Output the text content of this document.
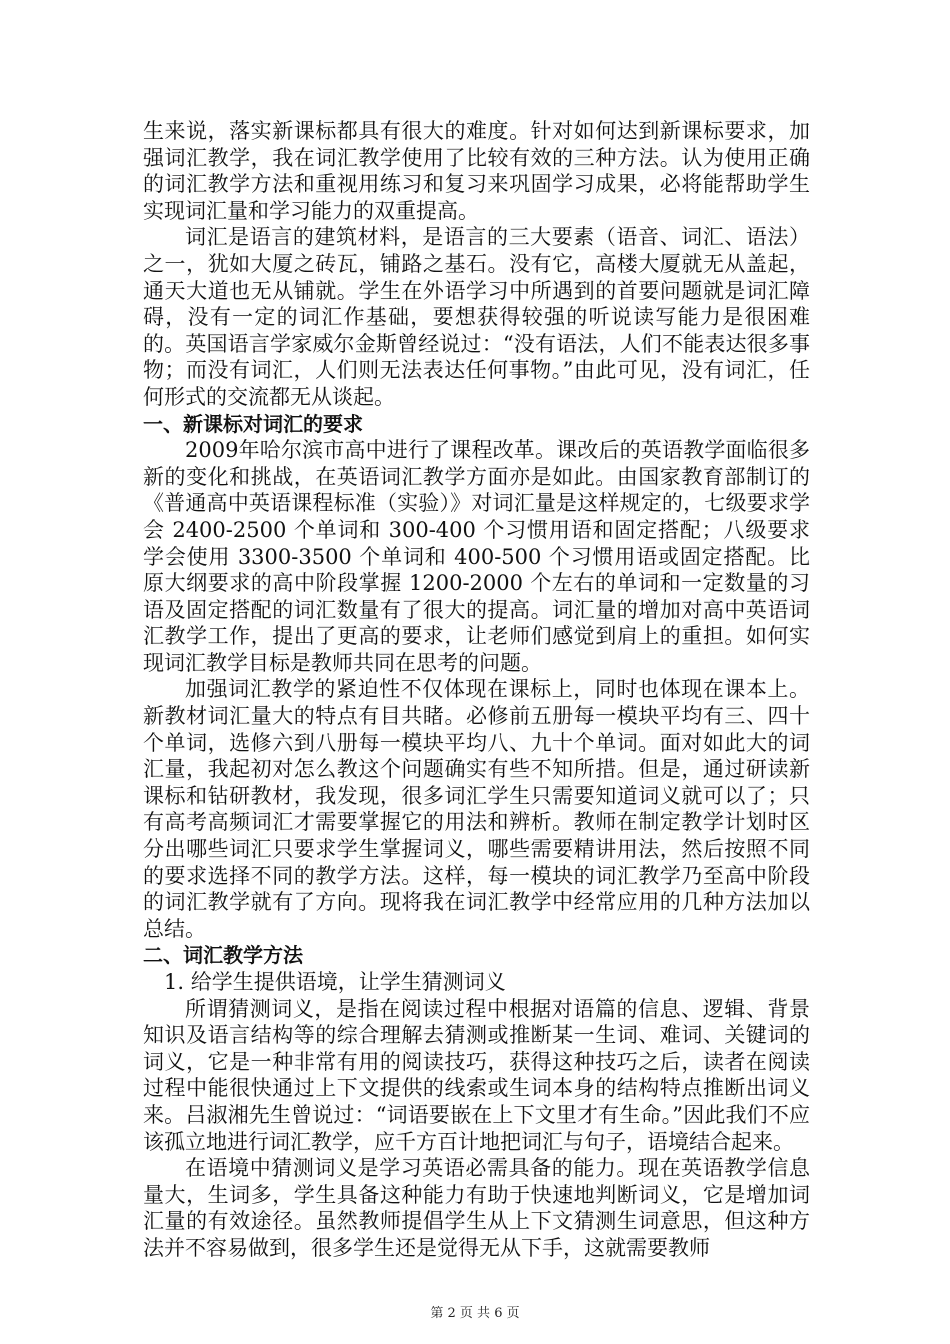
生来说，落实新课标都具有很大的难度。针对如何达到新课标要求，加强词汇教学，我在词汇教学使用了比较有效的三种方法。认为使用正确的词汇教学方法和重视用练习和复习来巩固学习成果，必将能帮助学生实现词汇量和学习能力的双重提高。

词汇是语言的建筑材料，是语言的三大要素（语音、词汇、语法）之一，犹如大厦之砖瓦，铺路之基石。没有它，高楼大厦就无从盖起，通天大道也无从铺就。学生在外语学习中所遇到的首要问题就是词汇障碍，没有一定的词汇作基础，要想获得较强的听说读写能力是很困难的。英国语言学家威尔金斯曾经说过：“没有语法，人们不能表达很多事物；而没有词汇，人们则无法表达任何事物。”由此可见，没有词汇，任何形式的交流都无从谈起。

一、新课标对词汇的要求

2009年哈尔滨市高中进行了课程改革。课改后的英语教学面临很多新的变化和挑战，在英语词汇教学方面亦是如此。由国家教育部制订的《普通高中英语课程标准（实验）》对词汇量是这样规定的，七级要求学会 2400-2500 个单词和 300-400 个习惯用语和固定搭配；八级要求学会使用 3300-3500 个单词和 400-500 个习惯用语或固定搭配。比原大纲要求的高中阶段掌握 1200-2000 个左右的单词和一定数量的习语及固定搭配的词汇数量有了很大的提高。词汇量的增加对高中英语词汇教学工作，提出了更高的要求，让老师们感觉到肩上的重担。如何实现词汇教学目标是教师共同在思考的问题。

加强词汇教学的紧迫性不仅体现在课标上，同时也体现在课本上。新教材词汇量大的特点有目共睹。必修前五册每一模块平均有三、四十个单词，选修六到八册每一模块平均八、九十个单词。面对如此大的词汇量，我起初对怎么教这个问题确实有些不知所措。但是，通过研读新课标和钻研教材，我发现，很多词汇学生只需要知道词义就可以了；只有高考高频词汇才需要掌握它的用法和辨析。教师在制定教学计划时区分出哪些词汇只要求学生掌握词义，哪些需要精讲用法，然后按照不同的要求选择不同的教学方法。这样，每一模块的词汇教学乃至高中阶段的词汇教学就有了方向。现将我在词汇教学中经常应用的几种方法加以总结。

二、词汇教学方法

1. 给学生提供语境，让学生猜测词义

所谓猜测词义，是指在阅读过程中根据对语篇的信息、逻辑、背景知识及语言结构等的综合理解去猜测或推断某一生词、难词、关键词的词义，它是一种非常有用的阅读技巧，获得这种技巧之后，读者在阅读过程中能很快通过上下文提供的线索或生词本身的结构特点推断出词义来。吕淑湘先生曾说过：“词语要嵌在上下文里才有生命。”因此我们不应该孤立地进行词汇教学，应千方百计地把词汇与句子，语境结合起来。

在语境中猜测词义是学习英语必需具备的能力。现在英语教学信息量大，生词多，学生具备这种能力有助于快速地判断词义，它是增加词汇量的有效途径。虽然教师提倡学生从上下文猜测生词意思，但这种方法并不容易做到，很多学生还是觉得无从下手，这就需要教师

第 2 页 共 6 页
